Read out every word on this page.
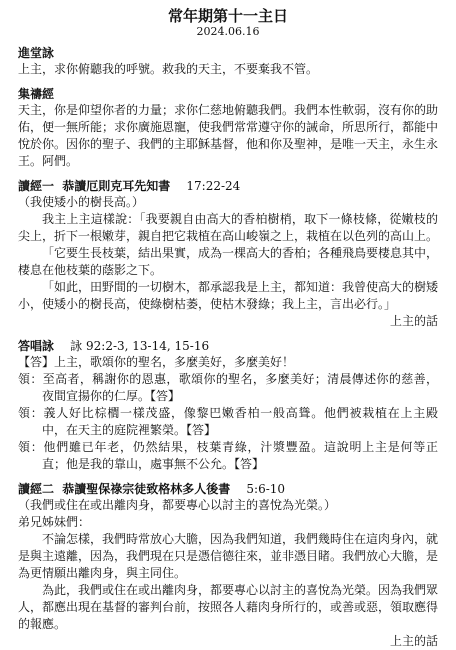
常年期第十一主日
2024.06.16
進堂詠

上主，求你俯聽我的呼號。救我的天主，不要棄我不管。

集禱經

天主，你是仰望你者的力量；求你仁慈地俯聽我們。我們本性軟弱，沒有你的助佑，便一無所能；求你廣施恩寵，使我們常常遵守你的誡命，所思所行，都能中悅於你。因你的聖子、我們的主耶穌基督，他和你及聖神，是唯一天主，永生永王。阿們。

讀經一 恭讀厄則克耳先知書 17:22-24

（我使矮小的樹長高。）

我主上主這樣說：「我要親自由高大的香柏樹梢，取下一條枝條，從嫩枝的尖上，折下一根嫩芽，親自把它栽植在高山峻嶺之上，栽植在以色列的高山上。

「它要生長枝葉，結出果實，成為一棵高大的香柏；各種飛鳥要棲息其中，棲息在他枝葉的蔭影之下。

「如此，田野間的一切樹木，都承認我是上主，都知道：我曾使高大的樹矮小，使矮小的樹長高，使綠樹枯萎，使枯木發綠；我上主，言出必行。」

上主的話

答唱詠 詠 92:2-3, 13-14, 15-16

【答】上主，歌頌你的聖名，多麼美好，多麼美好！

領：至高者，稱謝你的恩惠，歌頌你的聖名，多麼美好；清晨傳述你的慈善，夜間宣揚你的仁厚。【答】

領：義人好比棕櫚一樣茂盛，像黎巴嫩香柏一般高聳。他們被栽植在上主殿中，在天主的庭院裡繁榮。【答】

領：他們雖已年老，仍然結果，枝葉青綠，汁漿豐盈。這說明上主是何等正直；他是我的靠山，處事無不公允。【答】

讀經二 恭讀聖保祿宗徒致格林多人後書 5:6-10

（我們或住在或出離肉身，都要專心以討主的喜悅為光榮。）

弟兄姊妹們：

不論怎樣，我們時常放心大膽，因為我們知道，我們幾時住在這肉身內，就是與主遠離，因為，我們現在只是憑信德往來，並非憑目睹。我們放心大膽，是為更情願出離肉身，與主同住。

為此，我們或住在或出離肉身，都要專心以討主的喜悅為光榮。因為我們眾人，都應出現在基督的審判台前，按照各人藉肉身所行的，或善或惡，領取應得的報應。

上主的話
